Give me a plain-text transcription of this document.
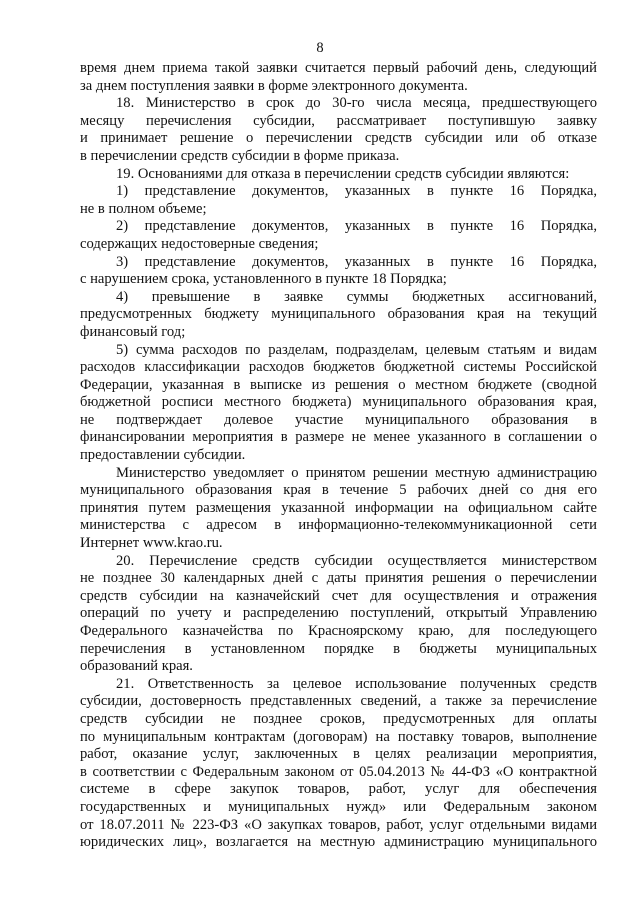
8
время днем приема такой заявки считается первый рабочий день, следующий
за днем поступления заявки в форме электронного документа.
18. Министерство в срок до 30-го числа месяца, предшествующего
месяцу перечисления субсидии, рассматривает поступившую заявку
и принимает решение о перечислении средств субсидии или об отказе
в перечислении средств субсидии в форме приказа.
19. Основаниями для отказа в перечислении средств субсидии являются:
1) представление документов, указанных в пункте 16 Порядка,
не в полном объеме;
2) представление документов, указанных в пункте 16 Порядка,
содержащих недостоверные сведения;
3) представление документов, указанных в пункте 16 Порядка,
с нарушением срока, установленного в пункте 18 Порядка;
4) превышение в заявке суммы бюджетных ассигнований,
предусмотренных бюджету муниципального образования края на текущий
финансовый год;
5) сумма расходов по разделам, подразделам, целевым статьям и видам
расходов классификации расходов бюджетов бюджетной системы Российской
Федерации, указанная в выписке из решения о местном бюджете (сводной
бюджетной росписи местного бюджета) муниципального образования края,
не подтверждает долевое участие муниципального образования в
финансировании мероприятия в размере не менее указанного в соглашении о
предоставлении субсидии.
Министерство уведомляет о принятом решении местную администрацию
муниципального образования края в течение 5 рабочих дней со дня его
принятия путем размещения указанной информации на официальном сайте
министерства с адресом в информационно-телекоммуникационной сети
Интернет www.krao.ru.
20. Перечисление средств субсидии осуществляется министерством
не позднее 30 календарных дней с даты принятия решения о перечислении
средств субсидии на казначейский счет для осуществления и отражения
операций по учету и распределению поступлений, открытый Управлению
Федерального казначейства по Красноярскому краю, для последующего
перечисления в установленном порядке в бюджеты муниципальных
образований края.
21. Ответственность за целевое использование полученных средств
субсидии, достоверность представленных сведений, а также за перечисление
средств субсидии не позднее сроков, предусмотренных для оплаты
по муниципальным контрактам (договорам) на поставку товаров, выполнение
работ, оказание услуг, заключенных в целях реализации мероприятия,
в соответствии с Федеральным законом от 05.04.2013 № 44-ФЗ «О контрактной
системе в сфере закупок товаров, работ, услуг для обеспечения
государственных и муниципальных нужд» или Федеральным законом
от 18.07.2011 № 223-ФЗ «О закупках товаров, работ, услуг отдельными видами
юридических лиц», возлагается на местную администрацию муниципального
